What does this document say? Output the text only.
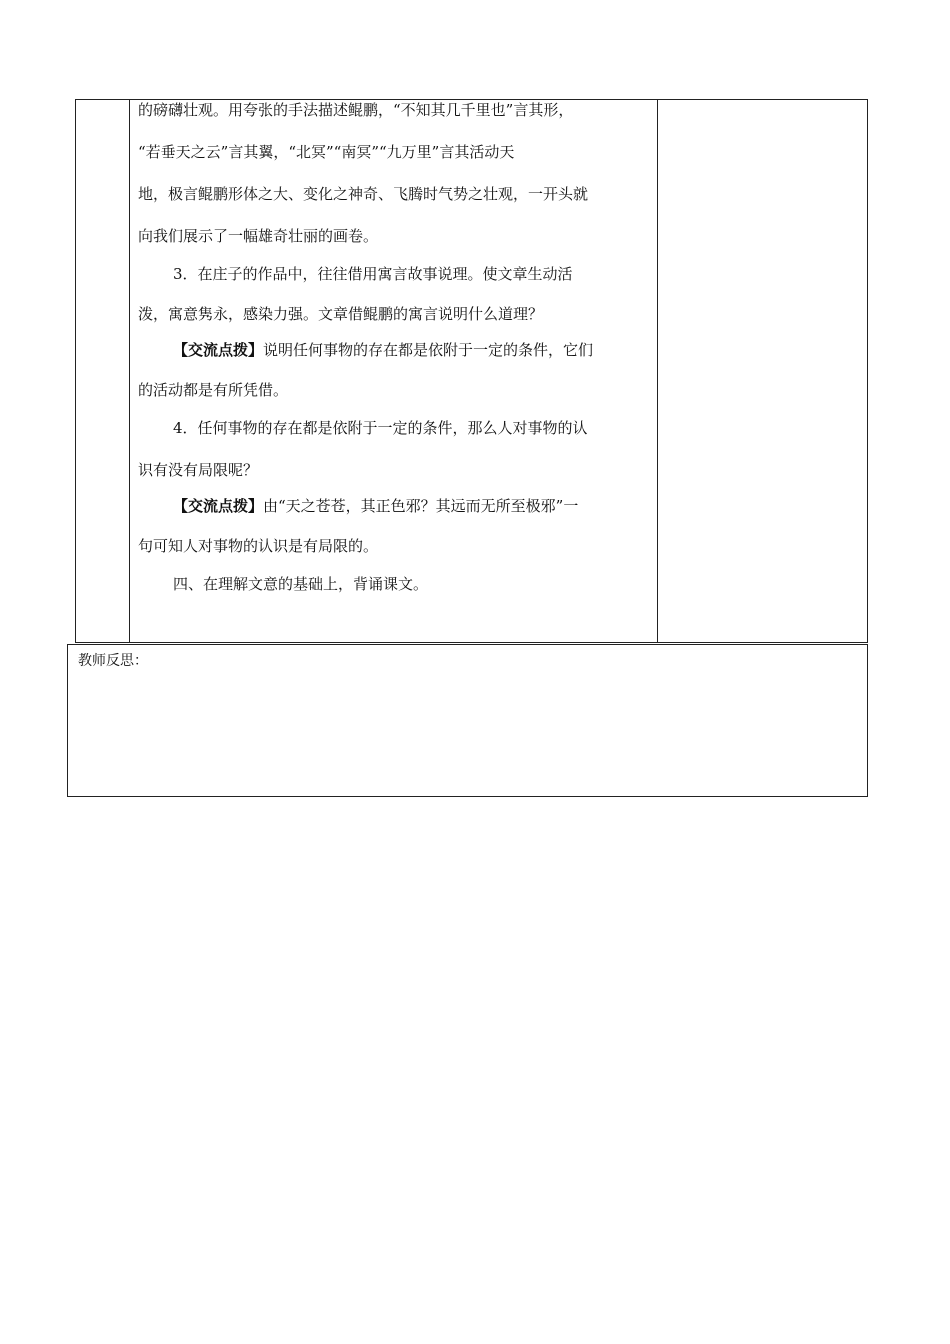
的磅礴壮观。用夸张的手法描述鲲鹏，“不知其几千里也”言其形，
“若垂天之云”言其翼，“北冥”“南冥”“九万里”言其活动天
地，极言鲲鹏形体之大、变化之神奇、飞腾时气势之壮观，一开头就
向我们展示了一幅雄奇壮丽的画卷。
3．在庄子的作品中，往往借用寓言故事说理。使文章生动活
泼，寓意隽永，感染力强。文章借鲲鹏的寓言说明什么道理？
【交流点拨】说明任何事物的存在都是依附于一定的条件，它们
的活动都是有所凭借。
4．任何事物的存在都是依附于一定的条件，那么人对事物的认
识有没有局限呢？
【交流点拨】由“天之苍苍，其正色邪？其远而无所至极邪”一
句可知人对事物的认识是有局限的。
四、在理解文意的基础上，背诵课文。
教师反思：
